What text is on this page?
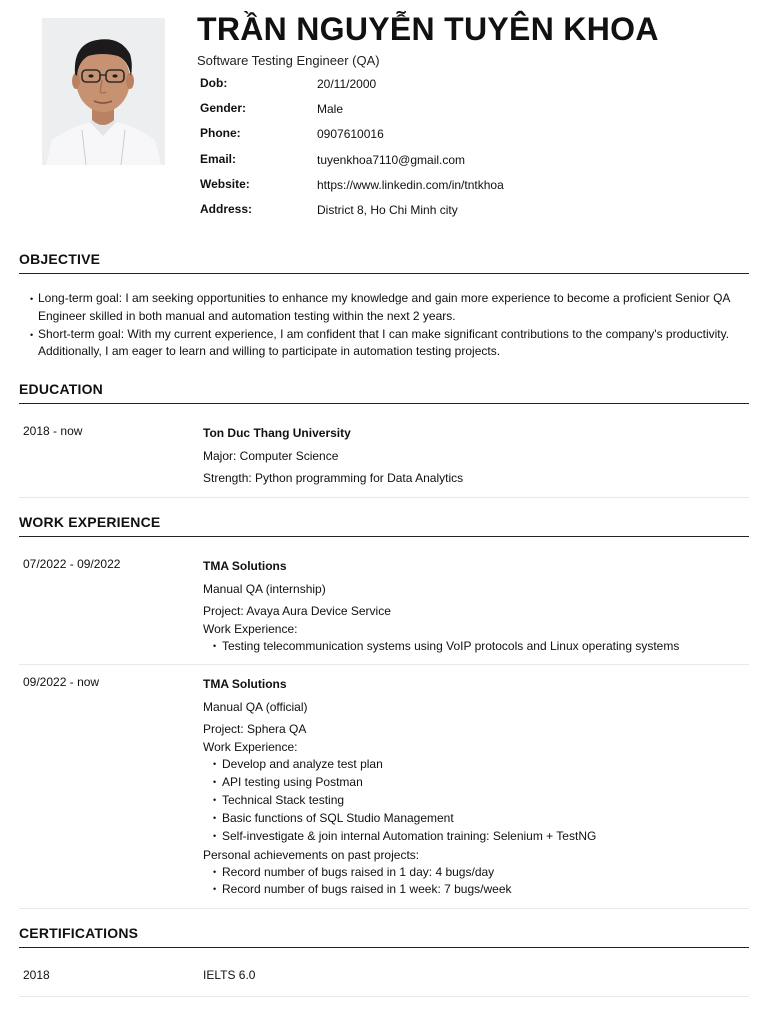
TRẦN NGUYỄN TUYÊN KHOA
Software Testing Engineer (QA)
Dob:	20/11/2000
Gender:	Male
Phone:	0907610016
Email:	tuyenkhoa7110@gmail.com
Website:	https://www.linkedin.com/in/tntkhoa
Address:	District 8, Ho Chi Minh city
OBJECTIVE
• Long-term goal: I am seeking opportunities to enhance my knowledge and gain more experience to become a proficient Senior QA Engineer skilled in both manual and automation testing within the next 2 years.
• Short-term goal: With my current experience, I am confident that I can make significant contributions to the company's productivity. Additionally, I am eager to learn and willing to participate in automation testing projects.
EDUCATION
2018 - now	Ton Duc Thang University
Major: Computer Science
Strength: Python programming for Data Analytics
WORK EXPERIENCE
07/2022 - 09/2022	TMA Solutions
Manual QA (internship)
Project: Avaya Aura Device Service
Work Experience:
• Testing telecommunication systems using VoIP protocols and Linux operating systems
09/2022 - now	TMA Solutions
Manual QA (official)
Project: Sphera QA
Work Experience:
• Develop and analyze test plan
• API testing using Postman
• Technical Stack testing
• Basic functions of SQL Studio Management
• Self-investigate & join internal Automation training: Selenium + TestNG
Personal achievements on past projects:
• Record number of bugs raised in 1 day: 4 bugs/day
• Record number of bugs raised in 1 week: 7 bugs/week
CERTIFICATIONS
2018	IELTS 6.0
